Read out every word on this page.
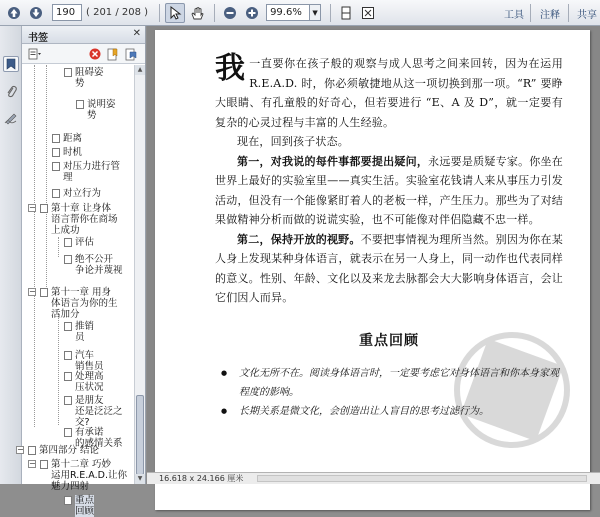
190	( 201 / 208 )	99.6%	▼	工具 注释 共享
书签	✕
阻碍姿
势
说明姿
势
距离
时机
对压力进行管
理
对立行为
− 第十章 让身体
语言帮你在商场
上成功
评估
绝不公开
争论并蔑视
− 第十一章 用身
体语言为你的生
活加分
推销
员
汽车
销售员
处理高
压状况
是朋友
还是泛泛之
交?
有承诺
的感情关系
− 第四部分 结论
− 第十二章 巧妙
运用R.E.A.D.让你
魅力四射
重点
回顾
▲
▼

我一直要你在孩子般的观察与成人思考之间来回转，因为在运用 R.E.A.D. 时，你必须敏捷地从这一项切换到那一项。“R” 要睁大眼睛、有孔童般的好奇心，但若要进行 “E、A 及 D”，就一定要有复杂的心灵过程与丰富的人生经验。

现在，回到孩子状态。

第一，对我说的每件事都要提出疑问，永远要是质疑专家。你坐在世界上最好的实验室里——真实生活。实验室花钱请人来从事压力引发活动，但没有一个能像紧盯着人的老板一样，产生压力。那些为了对结果做精神分析而做的说谎实验，也不可能像对伴侣隐藏不忠一样。

第二，保持开放的视野。不要把事情视为理所当然。别因为你在某人身上发现某种身体语言，就表示在另一人身上，同一动作也代表同样的意义。性别、年龄、文化以及来龙去脉都会大大影响身体语言，会让它们因人而异。

重点回顾

● 文化无所不在。阅读身体语言时，一定要考虑它对身体语言和你本身家观程度的影响。

● 长期关系是微文化，会创造出让人盲目的思考过滤行为。

16.618 x 24.166 厘米
